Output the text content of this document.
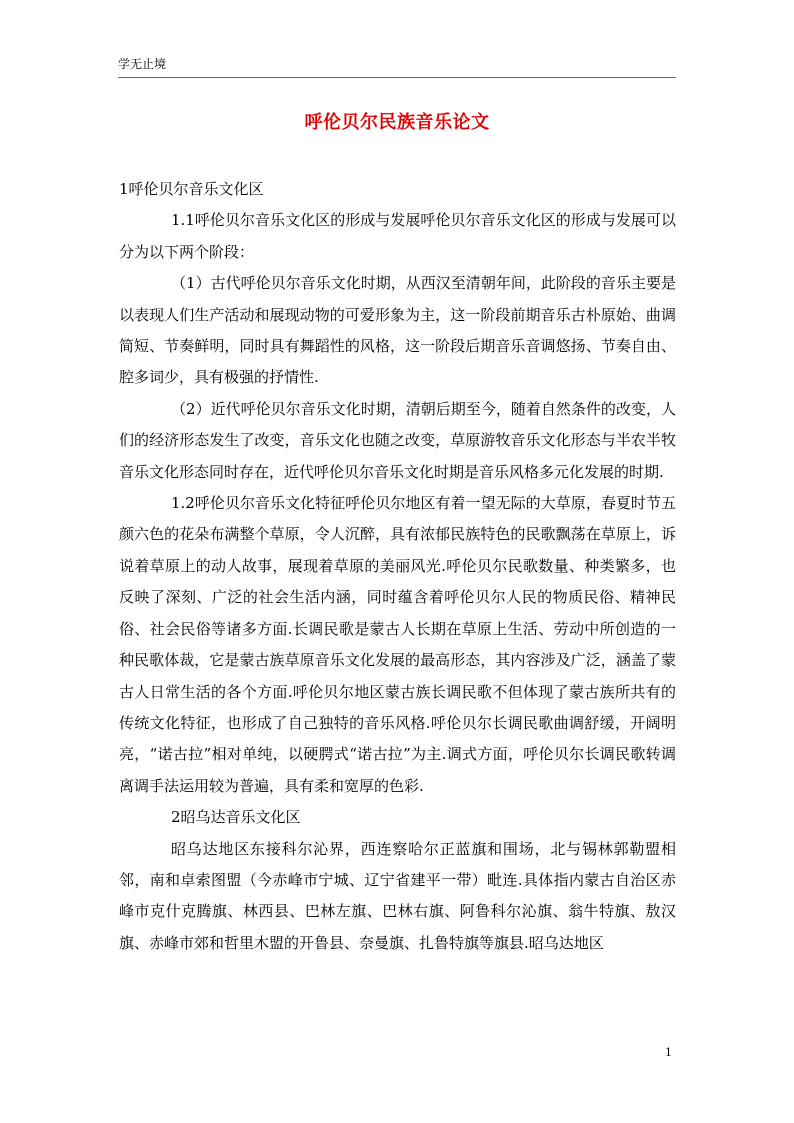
学无止境
呼伦贝尔民族音乐论文

1呼伦贝尔音乐文化区

1.1呼伦贝尔音乐文化区的形成与发展呼伦贝尔音乐文化区的形成与发展可以分为以下两个阶段：

（1）古代呼伦贝尔音乐文化时期，从西汉至清朝年间，此阶段的音乐主要是以表现人们生产活动和展现动物的可爱形象为主，这一阶段前期音乐古朴原始、曲调简短、节奏鲜明，同时具有舞蹈性的风格，这一阶段后期音乐音调悠扬、节奏自由、腔多词少，具有极强的抒情性.

（2）近代呼伦贝尔音乐文化时期，清朝后期至今，随着自然条件的改变，人们的经济形态发生了改变，音乐文化也随之改变，草原游牧音乐文化形态与半农半牧音乐文化形态同时存在，近代呼伦贝尔音乐文化时期是音乐风格多元化发展的时期.

1.2呼伦贝尔音乐文化特征呼伦贝尔地区有着一望无际的大草原，春夏时节五颜六色的花朵布满整个草原，令人沉醉，具有浓郁民族特色的民歌飘荡在草原上，诉说着草原上的动人故事，展现着草原的美丽风光.呼伦贝尔民歌数量、种类繁多，也反映了深刻、广泛的社会生活内涵，同时蕴含着呼伦贝尔人民的物质民俗、精神民俗、社会民俗等诸多方面.长调民歌是蒙古人长期在草原上生活、劳动中所创造的一种民歌体裁，它是蒙古族草原音乐文化发展的最高形态，其内容涉及广泛，涵盖了蒙古人日常生活的各个方面.呼伦贝尔地区蒙古族长调民歌不但体现了蒙古族所共有的传统文化特征，也形成了自己独特的音乐风格.呼伦贝尔长调民歌曲调舒缓，开阔明亮，“诺古拉”相对单纯，以硬腭式“诺古拉”为主.调式方面，呼伦贝尔长调民歌转调离调手法运用较为普遍，具有柔和宽厚的色彩.

2昭乌达音乐文化区

昭乌达地区东接科尔沁界，西连察哈尔正蓝旗和围场，北与锡林郭勒盟相邻，南和卓索图盟（今赤峰市宁城、辽宁省建平一带）毗连.具体指内蒙古自治区赤峰市克什克腾旗、林西县、巴林左旗、巴林右旗、阿鲁科尔沁旗、翁牛特旗、敖汉旗、赤峰市郊和哲里木盟的开鲁县、奈曼旗、扎鲁特旗等旗县.昭乌达地区

1
